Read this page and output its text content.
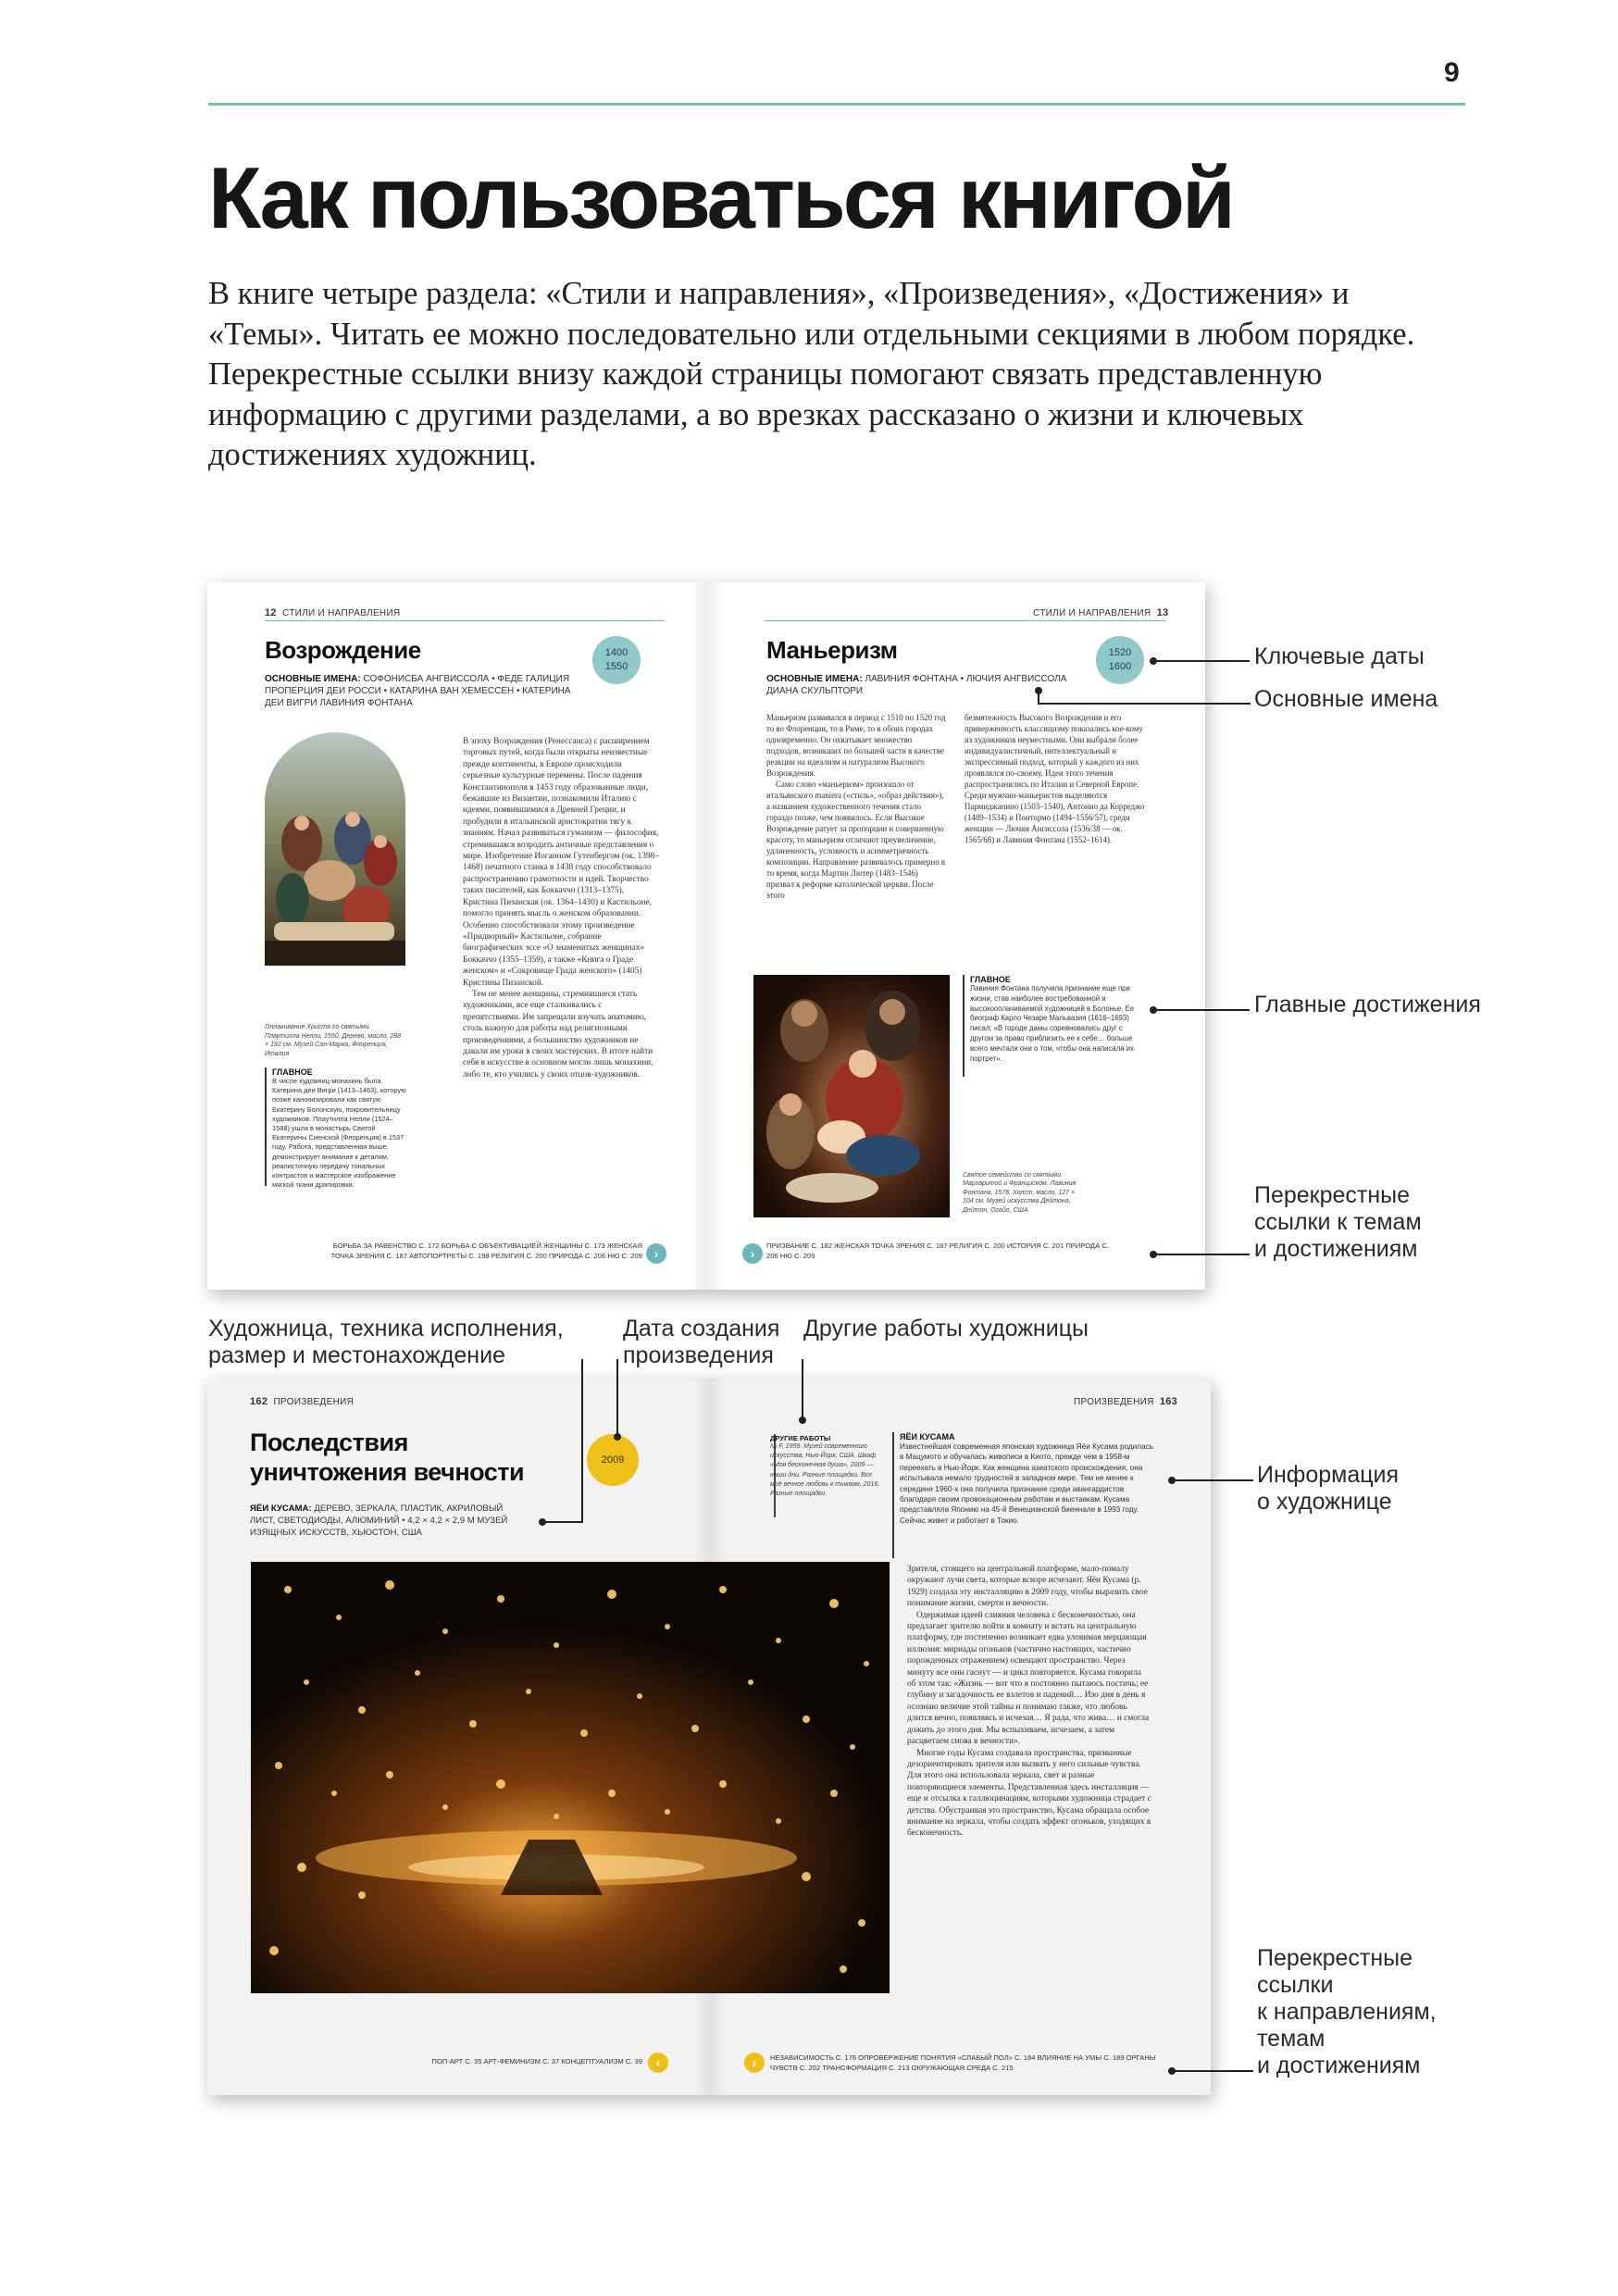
9
Как пользоваться книгой

В книге четыре раздела: «Стили и направления», «Произведения», «Достижения» и «Темы». Читать ее можно последовательно или отдельными секциями в любом порядке. Перекрестные ссылки внизу каждой страницы помогают связать представленную информацию с другими разделами, а во врезках рассказано о жизни и ключевых достижениях художниц.

12 СТИЛИ И НАПРАВЛЕНИЯ
Возрождение	1400
1550
ОСНОВНЫЕ ИМЕНА: СОФОНИСБА АНГВИССОЛА • ФЕДЕ ГАЛИЦИЯ ПРОПЕРЦИЯ ДЕИ РОССИ • КАТАРИНА ВАН ХЕМЕССЕН • КАТЕРИНА ДЕИ ВИГРИ ЛАВИНИЯ ФОНТАНА
Оплакивание Христа со святыми. Плаутилла Нелли, 1550. Дерево, масло, 288 × 192 см. Музей Сан-Марко, Флоренция, Италия
ГЛАВНОЕ
В числе художниц-монахинь была Катерина деи Вигри (1413–1463), которую позже канонизировали как святую Екатерину Болонскую, покровительницу художников. Плаутилла Нелли (1524–1588) ушла в монастырь Святой Екатерины Сиенской (Флоренция) в 1537 году. Работа, представленная выше, демонстрирует внимание к деталям, реалистичную передачу тональных контрастов и мастерское изображение мягкой ткани драпировки.

В эпоху Возрождения (Ренессанса) с расширением торговых путей, когда были открыты неизвестные прежде континенты, в Европе происходили серьезные культурные перемены. После падения Константинополя в 1453 году образованные люди, бежавшие из Византии, познакомили Италию с идеями, появившимися в Древней Греции, и пробудили в итальянской аристократии тягу к знаниям. Начал развиваться гуманизм — философия, стремившаяся возродить античные представления о мире. Изобретение Иоганном Гутенбергом (ок. 1398–1468) печатного станка в 1438 году способствовало распространению грамотности и идей. Творчество таких писателей, как Боккаччо (1313–1375), Кристина Пизанская (ок. 1364–1430) и Кастильоне, помогло принять мысль о женском образовании. Особенно способствовали этому произведение «Придворный» Кастильоне, собрание биографических эссе «О знаменитых женщинах» Боккаччо (1355–1359), а также «Книга о Граде женском» и «Сокровище Града женского» (1405) Кристины Пизанской.

Тем не менее женщины, стремившиеся стать художниками, все еще сталкивались с препятствиями. Им запрещали изучать анатомию, столь важную для работы над религиозными произведениями, а большинство художников не давали им уроки в своих мастерских. В итоге найти себя в искусстве в основном могли лишь монахини, либо те, кто учились у своих отцов-художников.

БОРЬБА ЗА РАВЕНСТВО С. 172 БОРЬБА С ОБЪЕКТИВАЦИЕЙ ЖЕНЩИНЫ С. 173 ЖЕНСКАЯ ТОЧКА ЗРЕНИЯ С. 187 АВТОПОРТРЕТЫ С. 198 РЕЛИГИЯ С. 200 ПРИРОДА С. 206 НЮ С. 209 ›
СТИЛИ И НАПРАВЛЕНИЯ 13
Маньеризм	1520
1600
ОСНОВНЫЕ ИМЕНА: ЛАВИНИЯ ФОНТАНА • ЛЮЧИЯ АНГВИССОЛА ДИАНА СКУЛЬПТОРИ

Маньеризм развивался в период с 1510 по 1520 год то во Флоренции, то в Риме, то в обоих городах одновременно. Он охватывает множество подходов, возникших по большей части в качестве реакции на идеализм и натурализм Высокого Возрождения.

Само слово «маньеризм» произошло от итальянского maniera («стиль», «образ действия»), а названием художественного течения стало гораздо позже, чем появилось. Если Высокое Возрождение ратует за пропорции и совершенную красоту, то маньеризм отличают преувеличение, удлиненность, условность и асимметричность композиции. Направление развивалось примерно в то время, когда Мартин Лютер (1483–1546) призвал к реформе католической церкви. После этого

безмятежность Высокого Возрождения и его приверженность классицизму показались кое-кому из художников неуместными. Они выбрали более индивидуалистичный, интеллектуальный и экспрессивный подход, который у каждого из них проявлялся по-своему. Идеи этого течения распространились по Италии и Северной Европе. Среди мужчин-маньеристов выделяются Пармиджанино (1503–1540), Антонио да Корреджо (1489–1534) и Понтормо (1494–1556/57), среди женщин — Лючия Ангиссола (1536/38 — ок. 1565/68) и Лавиния Фонтана (1552–1614).

ГЛАВНОЕ
Лавиния Фонтана получила признание еще при жизни, став наиболее востребованной и высокооплачиваемой художницей в Болонье. Ее биограф Карло Чезаре Мальвазия (1616–1693) писал: «В городе дамы соревновались друг с другом за право приблизить ее к себе… больше всего мечтали они о том, чтобы она написала их портрет».
Святое семейство со святыми Маргаритой и Франциском. Лавиния Фонтана, 1578. Холст, масло, 127 × 104 см. Музей искусства Дейтона, Дейтон, Огайо, США
›
ПРИЗВАНИЕ С. 182 ЖЕНСКАЯ ТОЧКА ЗРЕНИЯ С. 187 РЕЛИГИЯ С. 200 ИСТОРИЯ С. 201 ПРИРОДА С. 206 НЮ С. 209
162 ПРОИЗВЕДЕНИЯ	ПРОИЗВЕДЕНИЯ 163
Последствия
уничтожения вечности	2009
ЯЁИ КУСАМА: ДЕРЕВО, ЗЕРКАЛА, ПЛАСТИК, АКРИЛОВЫЙ ЛИСТ, СВЕТОДИОДЫ, АЛЮМИНИЙ • 4,2 × 4,2 × 2,9 М МУЗЕЙ ИЗЯЩНЫХ ИСКУССТВ, ХЬЮСТОН, США
ДРУГИЕ РАБОТЫ
№ F, 1959. Музей современного искусства, Нью-Йорк, США. Шкаф «Моя бесконечная душа», 2009 — наши дни. Разные площадки. Все моё вечное любовь к тыквам, 2016. Разные площадки
ЯЁИ КУСАМА
Известнейшая современная японская художница Яёи Кусама родилась в Мацумото и обучалась живописи в Киото, прежде чем в 1958-м переехать в Нью-Йорк. Как женщина азиатского происхождения, она испытывала немало трудностей в западном мире. Тем не менее к середине 1960-х она получила признание среди авангардистов благодаря своим провокационным работам и выставкам. Кусама представляла Японию на 45-й Венецианской биеннале в 1993 году. Сейчас живет и работает в Токио.

Зрителя, стоящего на центральной платформе, мало-помалу окружают лучи света, которые вскоре исчезают. Яёи Кусама (р. 1929) создала эту инсталляцию в 2009 году, чтобы выразить свое понимание жизни, смерти и вечности.

Одержимая идеей слияния человека с бесконечностью, она предлагает зрителю войти в комнату и встать на центральную платформу, где постепенно возникает едва уловимая мерцающая иллюзия: мириады огоньков (частично настоящих, частично порожденных отражением) освещают пространство. Через минуту все они гаснут — и цикл повторяется. Кусама говорила об этом так: «Жизнь — вот что я постоянно пытаюсь постичь; ее глубину и загадочность ее взлетов и падений… Изо дня в день я осознаю величие этой тайны и понимаю также, что любовь длится вечно, появляясь и исчезая… Я рада, что жива… и смогла дожить до этого дня. Мы вспыхиваем, исчезаем, а затем расцветаем снова в вечности».

Многие годы Кусама создавала пространства, призванные дезориентировать зрителя или вызвать у него сильные чувства. Для этого она использовала зеркала, свет и разные повторяющиеся элементы. Представленная здесь инсталляция — еще и отсылка к галлюцинациям, которыми художница страдает с детства. Обустраивая это пространство, Кусама обращала особое внимание на зеркала, чтобы создать эффект огоньков, уходящих в бесконечность.

ПОП-АРТ С. 35 АРТ-ФЕМИНИЗМ С. 37 КОНЦЕПТУАЛИЗМ С. 39	‹	›	НЕЗАВИСИМОСТЬ С. 176 ОПРОВЕРЖЕНИЕ ПОНЯТИЯ «СЛАБЫЙ ПОЛ» С. 184 ВЛИЯНИЕ НА УМЫ С. 189 ОРГАНЫ ЧУВСТВ С. 202 ТРАНСФОРМАЦИЯ С. 213 ОКРУЖАЮЩАЯ СРЕДА С. 215
Ключевые даты
Основные имена
Главные достижения
Перекрестные
ссылки к темам
и достижениям
Художница, техника исполнения,
размер и местонахождение
Дата создания
произведения
Другие работы художницы
Информация
о художнице
Перекрестные
ссылки
к направлениям,
темам
и достижениям
